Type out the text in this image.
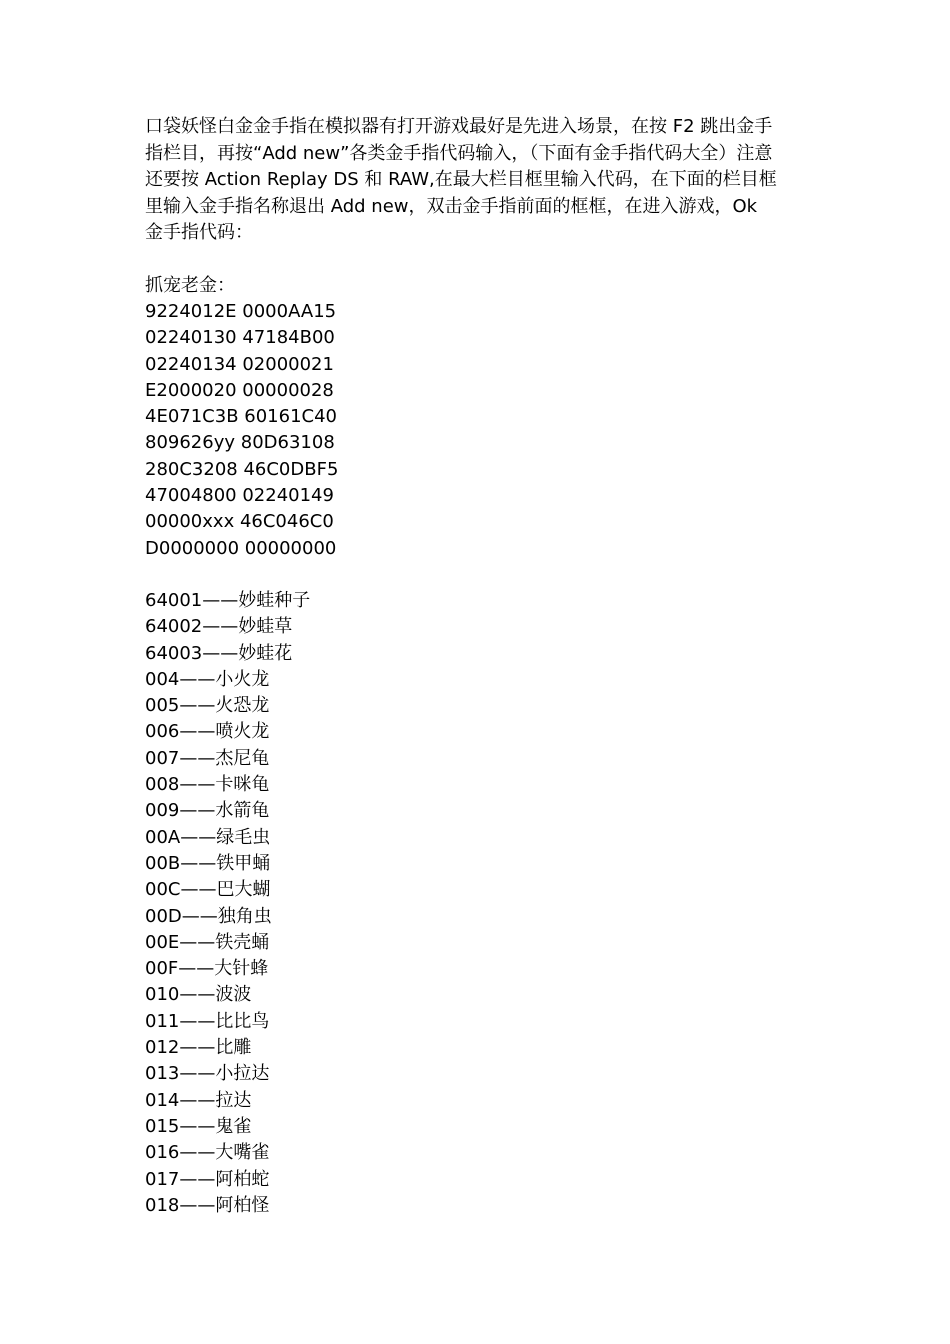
口袋妖怪白金金手指在模拟器有打开游戏最好是先进入场景，在按 F2 跳出金手

指栏目，再按“Add new”各类金手指代码输入，（下面有金手指代码大全）注意

还要按 Action Replay DS 和 RAW,在最大栏目框里输入代码，在下面的栏目框

里输入金手指名称退出 Add new，双击金手指前面的框框，在进入游戏，Ok

金手指代码：

抓宠老金：
9224012E 0000AA15
02240130 47184B00
02240134 02000021
E2000020 00000028
4E071C3B 60161C40
809626yy 80D63108
280C3208 46C0DBF5
47004800 02240149
00000xxx 46C046C0
D0000000 00000000
64001——妙蛙种子
64002——妙蛙草
64003——妙蛙花
004——小火龙
005——火恐龙
006——喷火龙
007——杰尼龟
008——卡咪龟
009——水箭龟
00A——绿毛虫
00B——铁甲蛹
00C——巴大蝴
00D——独角虫
00E——铁壳蛹
00F——大针蜂
010——波波
011——比比鸟
012——比雕
013——小拉达
014——拉达
015——鬼雀
016——大嘴雀
017——阿柏蛇
018——阿柏怪
